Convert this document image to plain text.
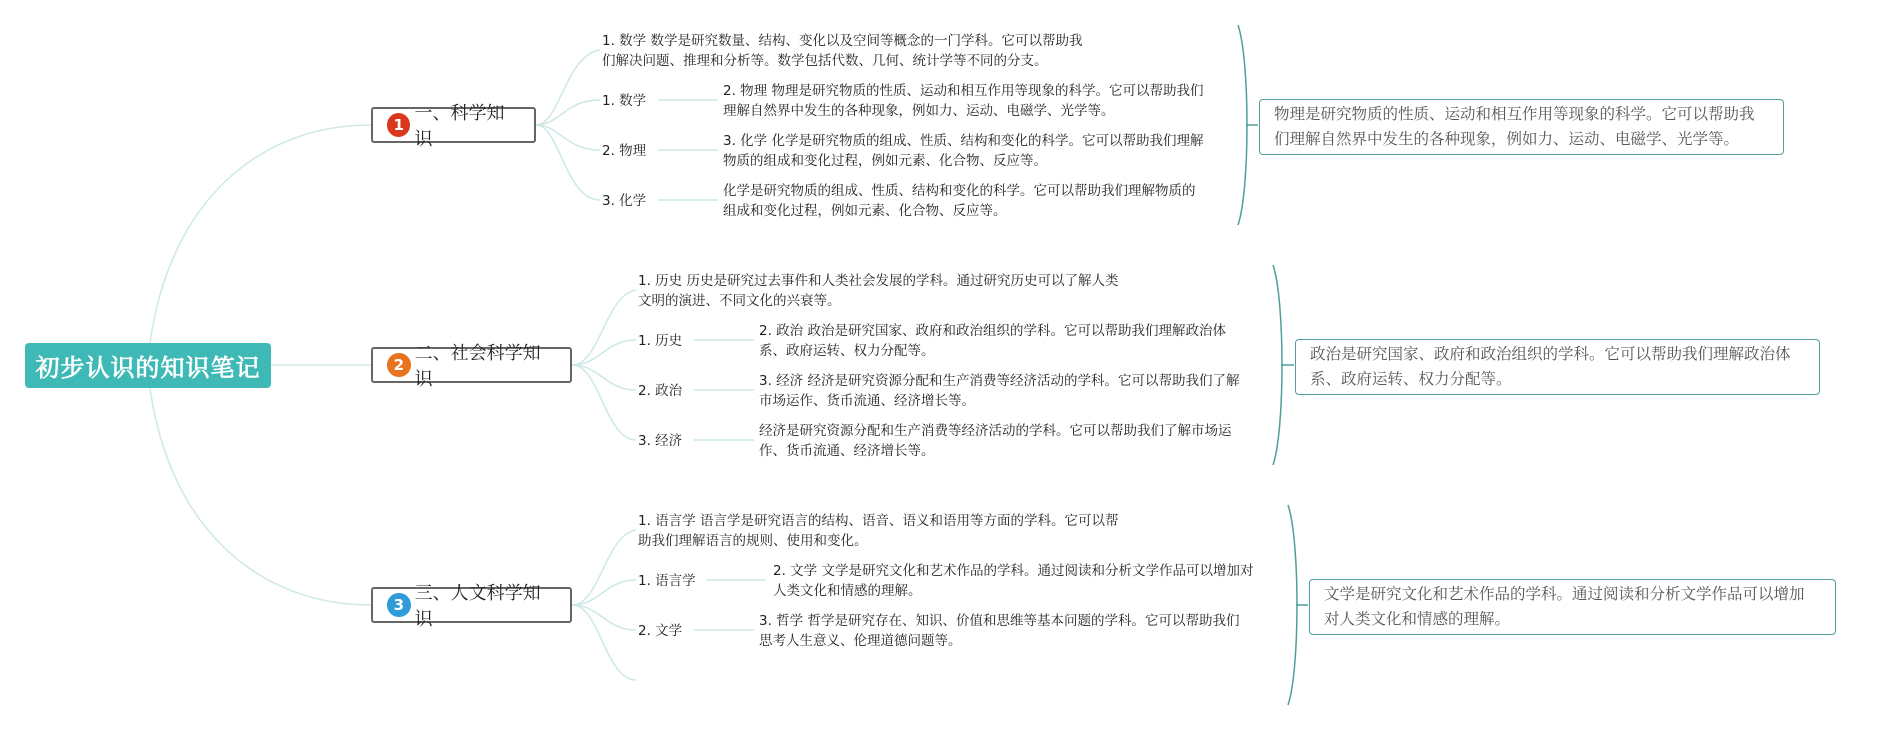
初步认识的知识笔记
1
一、科学知识
1. 数学 数学是研究数量、结构、变化以及空间等概念的一门学科。它可以帮助我
们解决问题、推理和分析等。数学包括代数、几何、统计学等不同的分支。
1. 数学
2. 物理
3. 化学
2. 物理 物理是研究物质的性质、运动和相互作用等现象的科学。它可以帮助我们
理解自然界中发生的各种现象，例如力、运动、电磁学、光学等。
3. 化学 化学是研究物质的组成、性质、结构和变化的科学。它可以帮助我们理解
物质的组成和变化过程，例如元素、化合物、反应等。
化学是研究物质的组成、性质、结构和变化的科学。它可以帮助我们理解物质的
组成和变化过程，例如元素、化合物、反应等。
物理是研究物质的性质、运动和相互作用等现象的科学。它可以帮助我
们理解自然界中发生的各种现象，例如力、运动、电磁学、光学等。
2
二、社会科学知识
1. 历史 历史是研究过去事件和人类社会发展的学科。通过研究历史可以了解人类
文明的演进、不同文化的兴衰等。
1. 历史
2. 政治
3. 经济
2. 政治 政治是研究国家、政府和政治组织的学科。它可以帮助我们理解政治体
系、政府运转、权力分配等。
3. 经济 经济是研究资源分配和生产消费等经济活动的学科。它可以帮助我们了解
市场运作、货币流通、经济增长等。
经济是研究资源分配和生产消费等经济活动的学科。它可以帮助我们了解市场运
作、货币流通、经济增长等。
政治是研究国家、政府和政治组织的学科。它可以帮助我们理解政治体
系、政府运转、权力分配等。
3
三、人文科学知识
1. 语言学 语言学是研究语言的结构、语音、语义和语用等方面的学科。它可以帮
助我们理解语言的规则、使用和变化。
1. 语言学
2. 文学
2. 文学 文学是研究文化和艺术作品的学科。通过阅读和分析文学作品可以增加对
人类文化和情感的理解。
3. 哲学 哲学是研究存在、知识、价值和思维等基本问题的学科。它可以帮助我们
思考人生意义、伦理道德问题等。
文学是研究文化和艺术作品的学科。通过阅读和分析文学作品可以增加
对人类文化和情感的理解。
